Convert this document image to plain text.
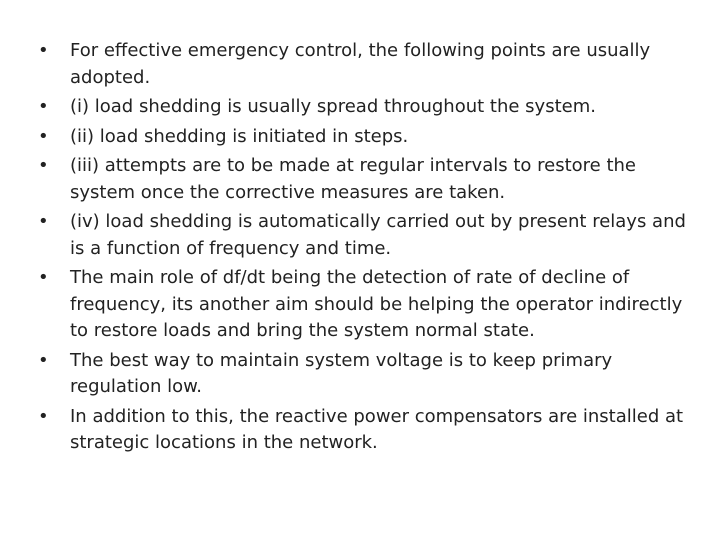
•	For effective emergency control, the following points are usually adopted.
•	(i) load shedding is usually spread throughout the system.
•	(ii) load shedding is initiated in steps.
•	(iii) attempts are to be made at regular intervals to restore the system once the corrective measures are taken.
•	(iv) load shedding is automatically carried out by present relays and is a function of frequency and time.
•	The main role of df/dt being the detection of rate of decline of frequency, its another aim should be helping the operator indirectly to restore loads and bring the system normal state.
•	The best way to maintain system voltage is to keep primary regulation low.
•	In addition to this, the reactive power compensators are installed at strategic locations in the network.
